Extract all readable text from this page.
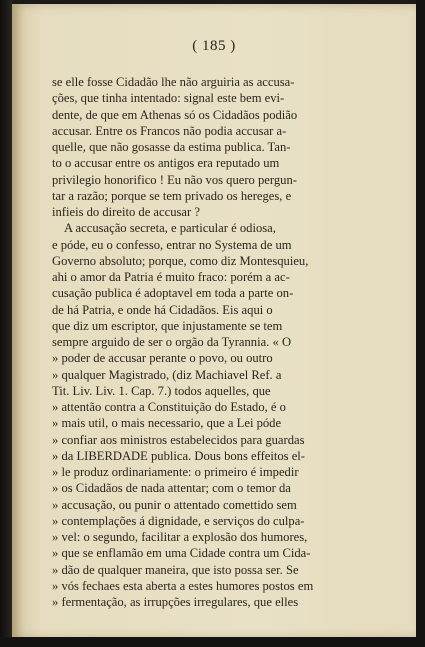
( 185 )
se elle fosse Cidadão lhe não arguiria as accusa-
ções, que tinha intentado: signal este bem evi-
dente, de que em Athenas só os Cidadãos podião
accusar. Entre os Francos não podia accusar a-
quelle, que não gosasse da estima publica. Tan-
to o accusar entre os antigos era reputado um
privilegio honorifico ! Eu não vos quero pergun-
tar a razão; porque se tem privado os hereges, e
infieis do direito de accusar ?
A accusação secreta, e particular é odiosa,
e póde, eu o confesso, entrar no Systema de um
Governo absoluto; porque, como diz Montesquieu,
ahi o amor da Patria é muito fraco: porém a ac-
cusação publica é adoptavel em toda a parte on-
de há Patria, e onde há Cidadãos. Eis aqui o
que diz um escriptor, que injustamente se tem
sempre arguido de ser o orgão da Tyrannia. « O
» poder de accusar perante o povo, ou outro
» qualquer Magistrado, (diz Machiavel Ref. a
Tit. Liv. Liv. 1. Cap. 7.) todos aquelles, que
» attentão contra a Constituição do Estado, é o
» mais util, o mais necessario, que a Lei póde
» confiar aos ministros estabelecidos para guardas
» da LIBERDADE publica. Dous bons effeitos el-
» le produz ordinariamente: o primeiro é impedir
» os Cidadãos de nada attentar; com o temor da
» accusação, ou punir o attentado comettido sem
» contemplações á dignidade, e serviços do culpa-
» vel: o segundo, facilitar a explosão dos humores,
» que se enflamão em uma Cidade contra um Cida-
» dão de qualquer maneira, que isto possa ser. Se
» vós fechaes esta aberta a estes humores postos em
» fermentação, as irrupções irregulares, que elles
